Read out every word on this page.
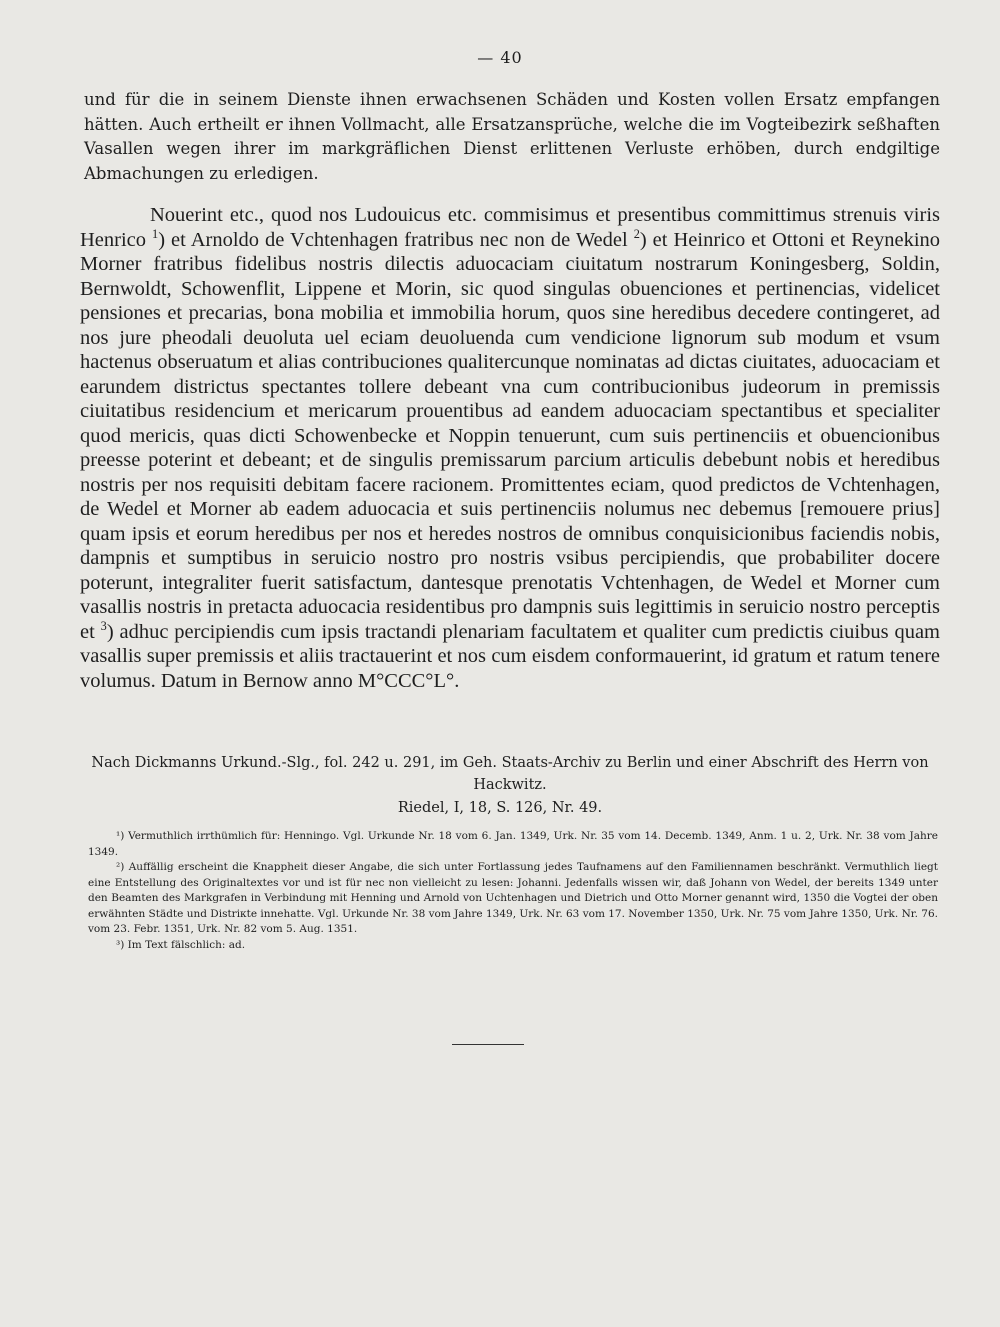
— 40
und für die in seinem Dienste ihnen erwachsenen Schäden und Kosten vollen Ersatz empfangen hätten. Auch ertheilt er ihnen Vollmacht, alle Ersatzansprüche, welche die im Vogteibezirk seßhaften Vasallen wegen ihrer im markgräflichen Dienst erlittenen Verluste erhöben, durch endgiltige Abmachungen zu erledigen.

Nouerint etc., quod nos Ludouicus etc. commisimus et presentibus committimus strenuis viris Henrico $^1$) et Arnoldo de Vchtenhagen fratribus nec non de Wedel $^2$) et Heinrico et Ottoni et Reynekino Morner fratribus fidelibus nostris dilectis aduocaciam ciuitatum nostrarum Koningesberg, Soldin, Bernwoldt, Schowenflit, Lippene et Morin, sic quod singulas obuenciones et pertinencias, videlicet pensiones et precarias, bona mobilia et immobilia horum, quos sine heredibus decedere contingeret, ad nos jure pheodali deuoluta uel eciam deuoluenda cum vendicione lignorum sub modum et vsum hactenus obseruatum et alias contribuciones qualitercunque nominatas ad dictas ciuitates, aduocaciam et earundem districtus spectantes tollere debeant vna cum contribucionibus judeorum in premissis ciuitatibus residencium et mericarum prouentibus ad eandem aduocaciam spectantibus et specialiter quod mericis, quas dicti Schowenbecke et Noppin tenuerunt, cum suis pertinenciis et obuencionibus preesse poterint et debeant; et de singulis premissarum parcium articulis debebunt nobis et heredibus nostris per nos requisiti debitam facere racionem. Promittentes eciam, quod predictos de Vchtenhagen, de Wedel et Morner ab eadem aduocacia et suis pertinenciis nolumus nec debemus [remouere prius] quam ipsis et eorum heredibus per nos et heredes nostros de omnibus conquisicionibus faciendis nobis, dampnis et sumptibus in seruicio nostro pro nostris vsibus percipiendis, que probabiliter docere poterunt, integraliter fuerit satisfactum, dantesque prenotatis Vchtenhagen, de Wedel et Morner cum vasallis nostris in pretacta aduocacia residentibus pro dampnis suis legittimis in seruicio nostro perceptis et $^3$) adhuc percipiendis cum ipsis tractandi plenariam facultatem et qualiter cum predictis ciuibus quam vasallis super premissis et aliis tractauerint et nos cum eisdem conformauerint, id gratum et ratum tenere volumus. Datum in Bernow anno M°CCC°L°.

Nach Dickmanns Urkund.-Slg., fol. 242 u. 291, im Geh. Staats-Archiv zu Berlin und einer Abschrift des Herrn von Hackwitz.
Riedel, I, 18, S. 126, Nr. 49.

¹) Vermuthlich irrthümlich für: Henningo. Vgl. Urkunde Nr. 18 vom 6. Jan. 1349, Urk. Nr. 35 vom 14. Decemb. 1349, Anm. 1 u. 2, Urk. Nr. 38 vom Jahre 1349.

²) Auffällig erscheint die Knappheit dieser Angabe, die sich unter Fortlassung jedes Taufnamens auf den Familiennamen beschränkt. Vermuthlich liegt eine Entstellung des Originaltextes vor und ist für nec non vielleicht zu lesen: Johanni. Jedenfalls wissen wir, daß Johann von Wedel, der bereits 1349 unter den Beamten des Markgrafen in Verbindung mit Henning und Arnold von Uchtenhagen und Dietrich und Otto Morner genannt wird, 1350 die Vogtei der oben erwähnten Städte und Distriкte innehatte. Vgl. Urkunde Nr. 38 vom Jahre 1349, Urk. Nr. 63 vom 17. November 1350, Urk. Nr. 75 vom Jahre 1350, Urk. Nr. 76. vom 23. Febr. 1351, Urk. Nr. 82 vom 5. Aug. 1351.

³) Im Text fälschlich: ad.
